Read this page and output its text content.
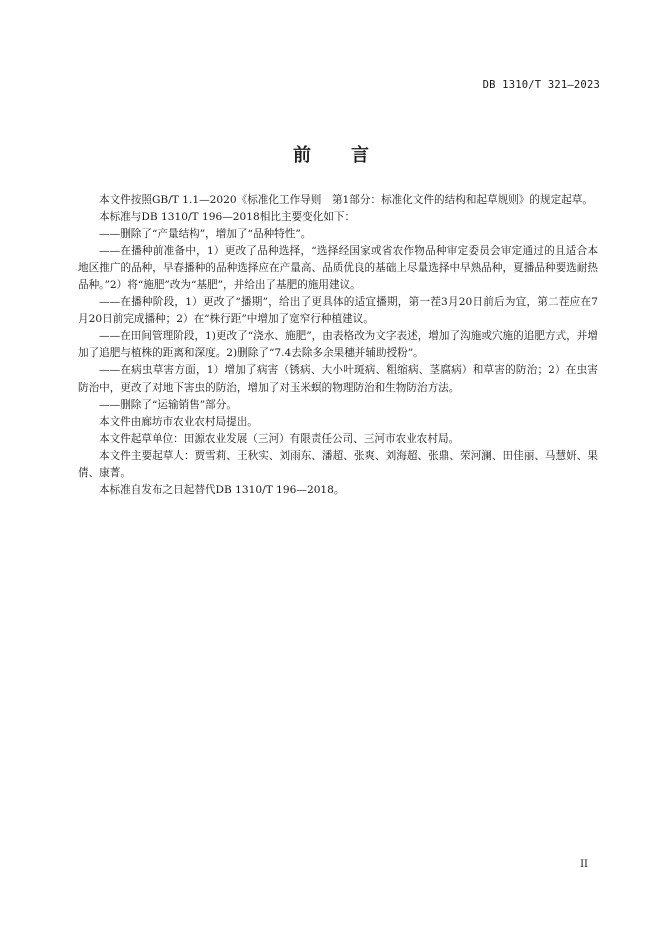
DB 1310/T 321—2023
前 言

本文件按照GB/T 1.1—2020《标准化工作导则　第1部分：标准化文件的结构和起草规则》的规定起草。

本标准与DB 1310/T 196—2018相比主要变化如下：

——删除了“产量结构”，增加了“品种特性”。

——在播种前准备中，1）更改了品种选择，“选择经国家或省农作物品种审定委员会审定通过的且适合本地区推广的品种，早春播种的品种选择应在产量高、品质优良的基础上尽量选择中早熟品种，夏播品种要选耐热品种。”2）将“施肥”改为“基肥”，并给出了基肥的施用建议。

——在播种阶段，1）更改了“播期”，给出了更具体的适宜播期，第一茬3月20日前后为宜，第二茬应在7月20日前完成播种；2）在“株行距”中增加了宽窄行种植建议。

——在田间管理阶段，1)更改了“浇水、施肥”，由表格改为文字表述，增加了沟施或穴施的追肥方式，并增加了追肥与植株的距离和深度。2)删除了“7.4去除多余果穗并辅助授粉”。

——在病虫草害方面，1）增加了病害（锈病、大小叶斑病、粗缩病、茎腐病）和草害的防治；2）在虫害防治中，更改了对地下害虫的防治，增加了对玉米螟的物理防治和生物防治方法。

——删除了“运输销售”部分。

本文件由廊坊市农业农村局提出。

本文件起草单位：田源农业发展（三河）有限责任公司、三河市农业农村局。

本文件主要起草人：贾雪莉、王秋实、刘雨东、潘超、张爽、刘海超、张鼎、荣河澜、田佳丽、马慧妍、果倩、康菁。

本标准自发布之日起替代DB 1310/T 196—2018。

II
